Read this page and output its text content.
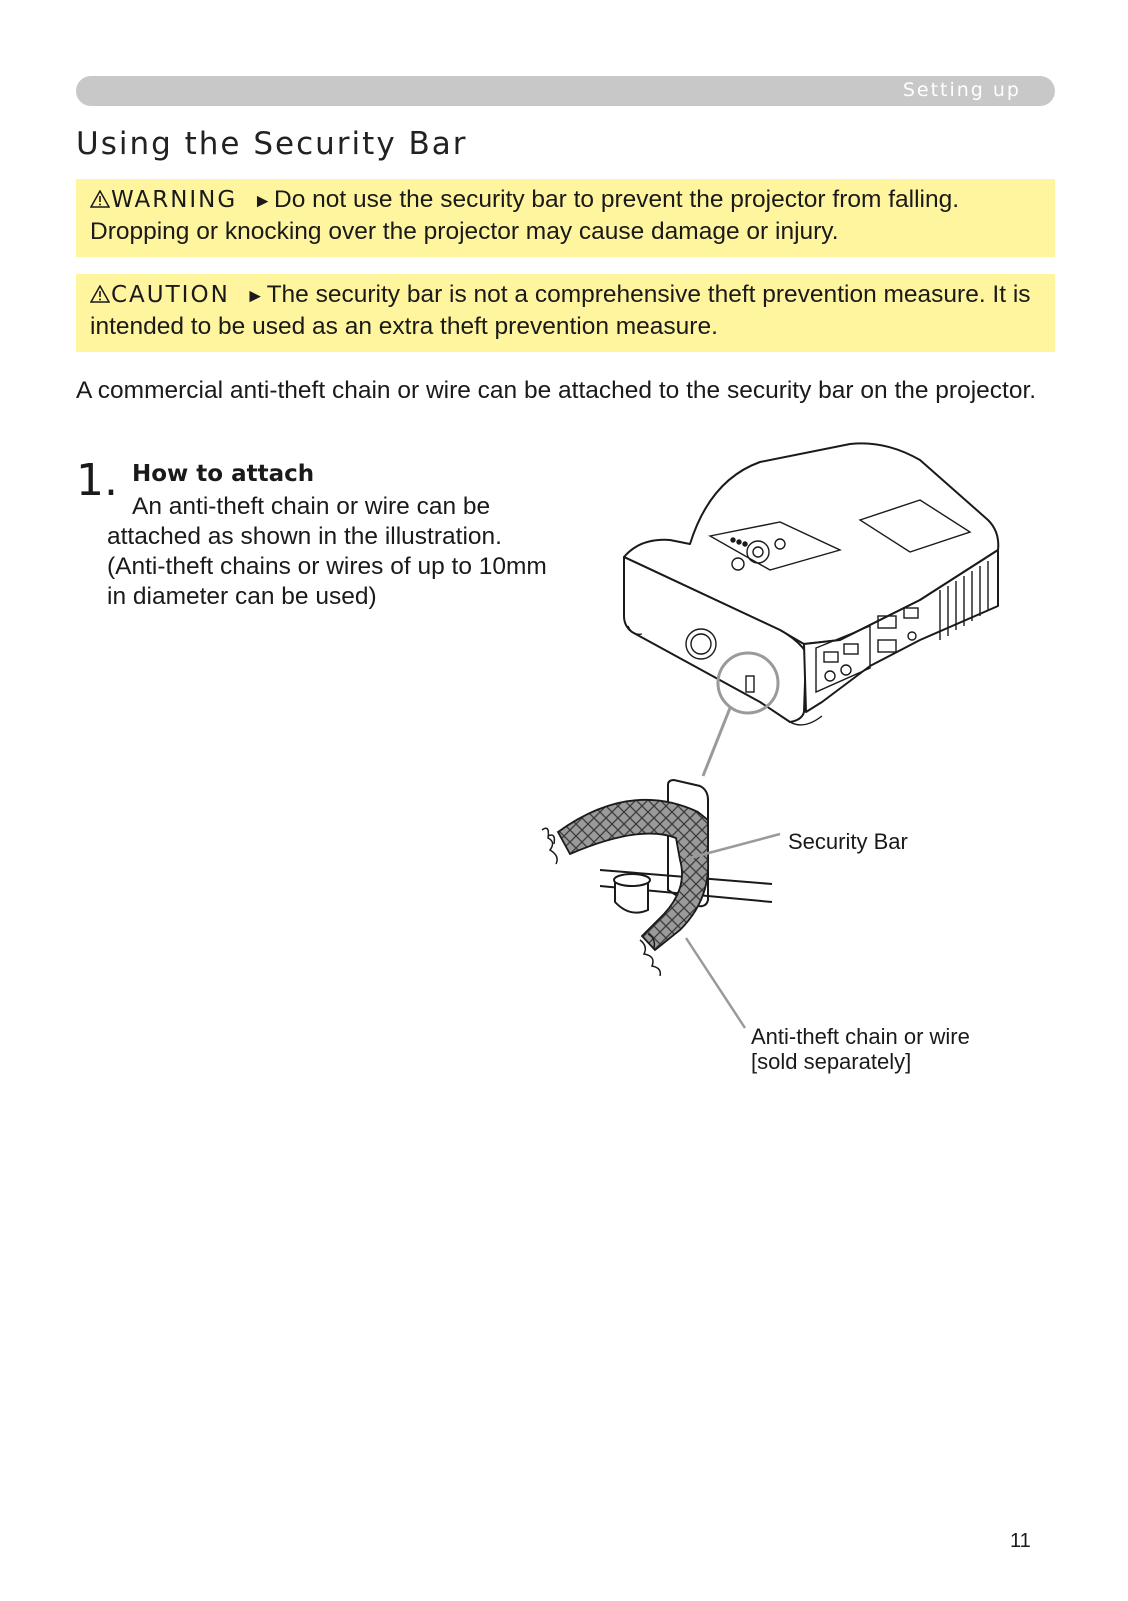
Setting up
Using the Security Bar
WARNING ►Do not use the security bar to prevent the projector from falling. Dropping or knocking over the projector may cause damage or injury.
CAUTION ►The security bar is not a comprehensive theft prevention measure. It is intended to be used as an extra theft prevention measure.

A commercial anti-theft chain or wire can be attached to the security bar on the projector.

1. How to attach

An anti-theft chain or wire can be attached as shown in the illustration. (Anti-theft chains or wires of up to 10mm in diameter can be used)

Security Bar
Anti-theft chain or wire
[sold separately]
11
